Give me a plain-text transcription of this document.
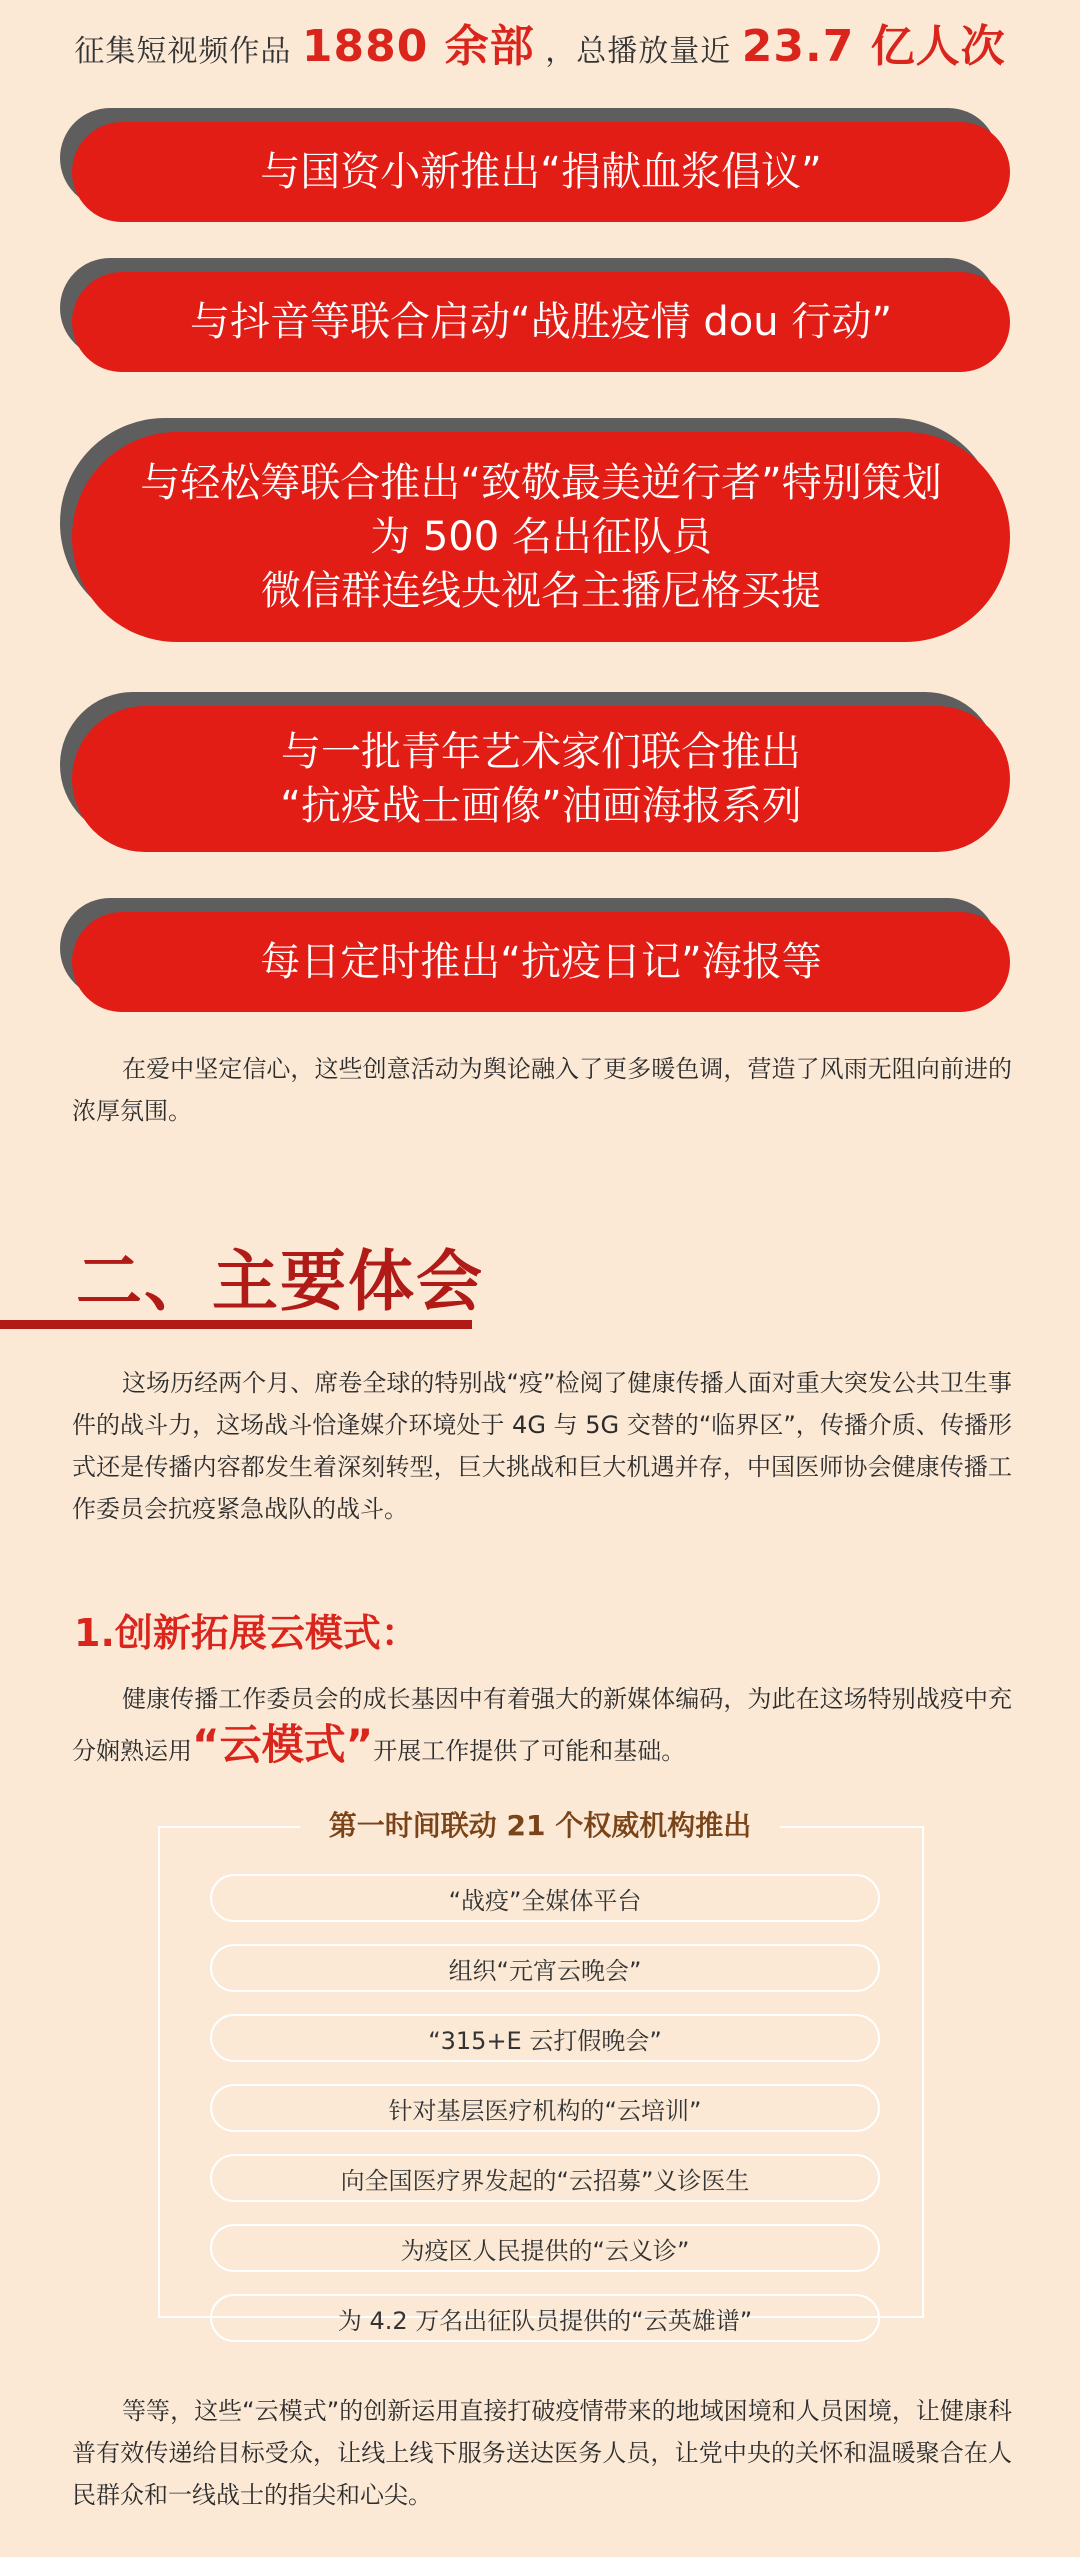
征集短视频作品 1880 余部 ，总播放量近 23.7 亿人次
与国资小新推出“捐献血浆倡议”
与抖音等联合启动“战胜疫情 dou 行动”
与轻松筹联合推出“致敬最美逆行者”特别策划
为 500 名出征队员
微信群连线央视名主播尼格买提
与一批青年艺术家们联合推出
“抗疫战士画像”油画海报系列
每日定时推出“抗疫日记”海报等
在爱中坚定信心，这些创意活动为舆论融入了更多暖色调，营造了风雨无阻向前进的浓厚氛围。
二、主要体会
这场历经两个月、席卷全球的特别战“疫”检阅了健康传播人面对重大突发公共卫生事件的战斗力，这场战斗恰逢媒介环境处于 4G 与 5G 交替的“临界区”，传播介质、传播形式还是传播内容都发生着深刻转型，巨大挑战和巨大机遇并存，中国医师协会健康传播工作委员会抗疫紧急战队的战斗。
1.创新拓展云模式：
健康传播工作委员会的成长基因中有着强大的新媒体编码，为此在这场特别战疫中充分娴熟运用“云模式”开展工作提供了可能和基础。
第一时间联动 21 个权威机构推出
“战疫”全媒体平台
组织“元宵云晚会”
“315+E 云打假晚会”
针对基层医疗机构的“云培训”
向全国医疗界发起的“云招募”义诊医生
为疫区人民提供的“云义诊”
为 4.2 万名出征队员提供的“云英雄谱”
等等，这些“云模式”的创新运用直接打破疫情带来的地域困境和人员困境，让健康科普有效传递给目标受众，让线上线下服务送达医务人员，让党中央的关怀和温暖聚合在人民群众和一线战士的指尖和心尖。
